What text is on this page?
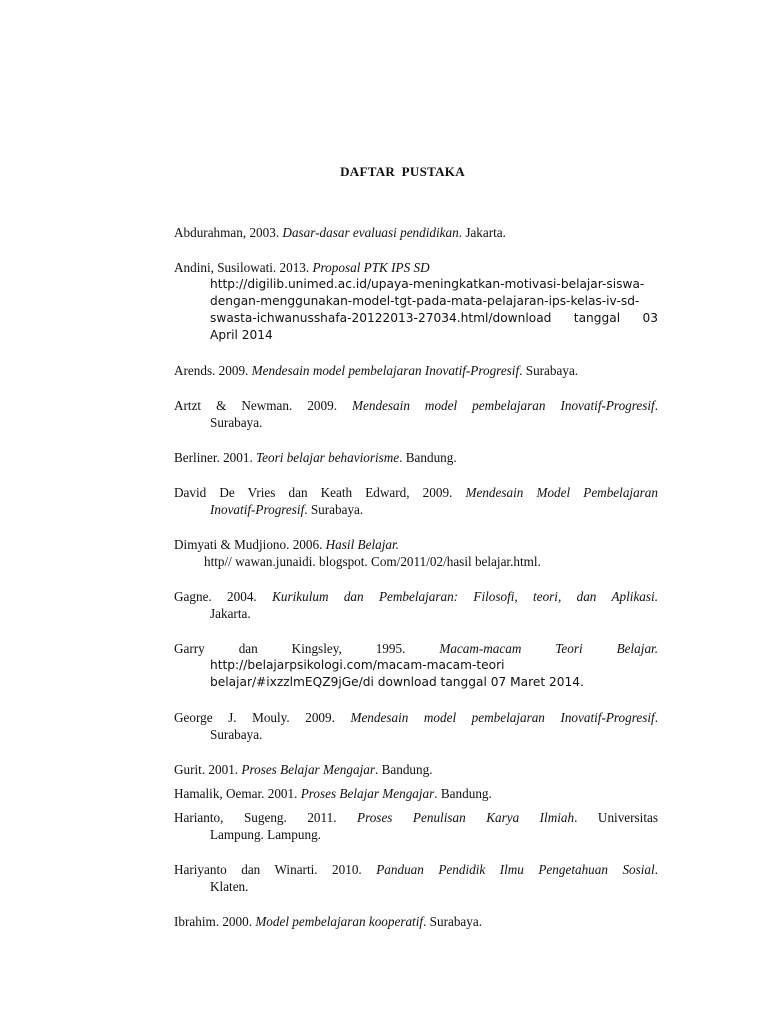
DAFTAR PUSTAKA
Abdurahman, 2003. Dasar-dasar evaluasi pendidikan. Jakarta.
Andini, Susilowati. 2013. Proposal PTK IPS SD
http://digilib.unimed.ac.id/upaya-meningkatkan-motivasi-belajar-siswa-
dengan-menggunakan-model-tgt-pada-mata-pelajaran-ips-kelas-iv-sd-
swasta-ichwanusshafa-20122013-27034.html/download tanggal 03
April 2014
Arends. 2009. Mendesain model pembelajaran Inovatif-Progresif. Surabaya.
Artzt & Newman. 2009. Mendesain model pembelajaran Inovatif-Progresif.
Surabaya.
Berliner. 2001. Teori belajar behaviorisme. Bandung.
David De Vries dan Keath Edward, 2009. Mendesain Model Pembelajaran
Inovatif-Progresif. Surabaya.
Dimyati & Mudjiono. 2006. Hasil Belajar.
http// wawan.junaidi. blogspot. Com/2011/02/hasil belajar.html.
Gagne. 2004. Kurikulum dan Pembelajaran: Filosofi, teori, dan Aplikasi.
Jakarta.
Garry dan Kingsley, 1995.	Macam-macam Teori Belajar.
http://belajarpsikologi.com/macam-macam-teori
belajar/#ixzzlmEQZ9jGe/di download tanggal 07 Maret 2014.
George J. Mouly. 2009. Mendesain model pembelajaran Inovatif-Progresif.
Surabaya.
Gurit. 2001. Proses Belajar Mengajar. Bandung.
Hamalik, Oemar. 2001. Proses Belajar Mengajar. Bandung.
Harianto, Sugeng. 2011. Proses Penulisan Karya Ilmiah. Universitas
Lampung. Lampung.
Hariyanto dan Winarti. 2010. Panduan Pendidik Ilmu Pengetahuan Sosial.
Klaten.
Ibrahim. 2000. Model pembelajaran kooperatif. Surabaya.
